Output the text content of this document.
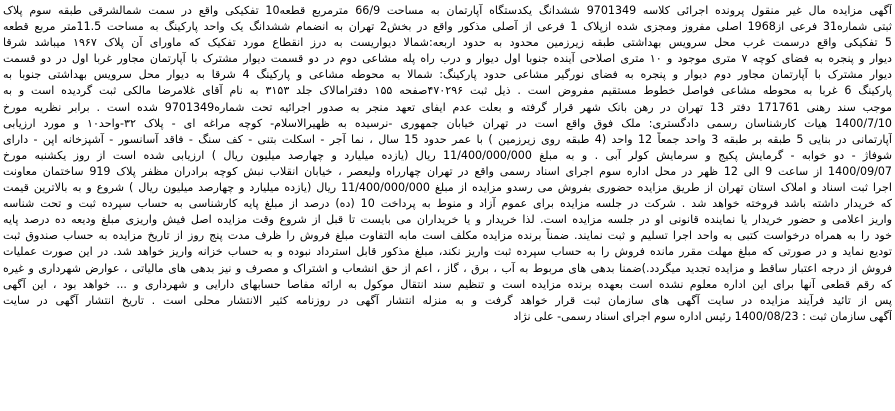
آگهی مزایده مال غیر منقول پرونده اجرائی کلاسه 9701349 ششدانگ یکدستگاه آپارتمان به مساحت 66/9 مترمربع قطعه10 تفکیکی واقع در سمت شمالشرقی طبقه سوم پلاک
ثبتی شماره31 فرعی از1968 اصلی مفروز ومجزی شده ازپلاک 1 فرعی از آصلی مذکور واقع در بخش2 تهران به انضمام ششدانگ یک واحد پارکینگ به مساحت 11.5متر مربع قطعه
5 تفکیکی واقع درسمت غرب محل سرویس بهداشتی طبقه زیرزمین محدود به حدود اربعه:شمالا دیواریست به درز انقطاع مورد تفکیک که ماورای آن پلاک ۱۹۶۷ میباشد شرقا
دیوار و پنجره به فضای کوچه ۷ متری موجود و ۱۰ متری اصلاحی آینده جنوبا اول دیوار و درب راه پله مشاعی دوم در دو قسمت دیوار مشترک با آپارتمان مجاور غربا اول در دو قسمت
دیوار مشترک با آپارتمان مجاور دوم دیوار و پنجره به فضای نورگیر مشاعی حدود پارکینگ: شمالا به محوطه مشاعی و پارکینگ 4 شرقا به دیوار محل سرویس بهداشتی جنوبا به
پارکینگ 6 غربا به محوطه مشاعی فواصل خطوط مستقیم مفروض است . ذیل ثبت ۴۷۰۲۹۶صفحه ۱۵۵ دفترامالاک جلد ۳۱۵۳ به نام آقای غلامرضا مالکی ثبت گردیده است و به
موجب سند رهنی 171761 دفتر 13 تهران در رهن بانک شهر قرار گرفته و بعلت عدم ایفای تعهد منجر به صدور اجرائیه تحت شماره9701349 شده است . برابر نظریه مورخ
1400/7/10 هیات کارشناسان رسمی دادگستری: ملک فوق واقع است در تهران خیابان جمهوری -نرسیده به ظهیرالاسلام- کوچه مراغه ای - پلاک ۳۲-واحد۱۰ و مورد ارزیابی
آپارتمانی در بنایی 5 طبقه بر طبقه 3 واحد جمعاً 12 واحد (4 طبقه روی زیرزمین ) با عمر حدود 15 سال ، نما آجر - اسکلت بتنی - کف سنگ - فاقد آسانسور - آشپزخانه اپن - دارای
شوفاژ - دو خوابه - گرمایش پکیج و سرمایش کولر آبی . و به مبلغ 11/400/000/000 ریال (یازده میلیارد و چهارصد میلیون ریال ) ارزیابی شده است از روز یکشنبه مورخ
1400/09/07 از ساعت 9 الی 12 ظهر در محل اداره سوم اجرای اسناد رسمی واقع در تهران چهارراه ولیعصر ، خیابان انقلاب نبش کوچه برادران مظفر پلاک 919 ساختمان معاونت
اجرا ثبت اسناد و املاک استان تهران از طریق مزایده حضوری بفروش می رسدو مزایده از مبلغ 11/400/000/000 ریال (یازده میلیارد و چهارصد میلیون ریال ) شروع و به بالاترین قیمت
که خریدار داشته باشد فروخته خواهد شد . شرکت در جلسه مزایده برای عموم آزاد و منوط به پرداخت 10 (ده) درصد از مبلغ پایه کارشناسی به حساب سپرده ثبت و تحت شناسه
واریز اعلامی و حضور خریدار یا نماینده قانونی او در جلسه مزایده است. لذا خریدار و یا خریداران می بایست تا قبل از شروع وقت مزایده اصل فیش واریزی مبلغ ودیعه ده درصد پایه
خود را به همراه درخواست کتبی به واحد اجرا تسلیم و ثبت نمایند. ضمناً برنده مزایده مکلف است مابه التفاوت مبلغ فروش را ظرف مدت پنج روز از تاریخ مزایده به حساب صندوق ثبت
تودیع نماید و در صورتی که مبلغ مهلت مقرر مانده فروش را به حساب سپرده ثبت واریز نکند، مبلغ مذکور قابل استرداد نبوده و به حساب خزانه واریز خواهد شد. در این صورت عملیات
فروش از درجه اعتبار ساقط و مزایده تجدید میگردد.)ضمنا بدهی های مربوط به آب ، برق ، گاز ، اعم از حق انشعاب و اشتراک و مصرف و نیز بدهی های مالیاتی ، عوارض شهرداری و غیره
که رقم قطعی آنها برای این اداره معلوم نشده است بعهده برنده مزایده است و تنظیم سند انتقال موکول به ارائه مفاصا حسابهای دارایی و شهرداری و ... خواهد بود ، این آگهی
پس از تائید فرآیند مزایده در سایت آگهی های سازمان ثبت قرار خواهد گرفت و به منزله انتشار آگهی در روزنامه کثیر الانتشار محلی است . تاریخ انتشار آگهی در سایت
آگهی سازمان ثبت : 1400/08/23 رئیس اداره سوم اجرای اسناد رسمی- علی نژاد
